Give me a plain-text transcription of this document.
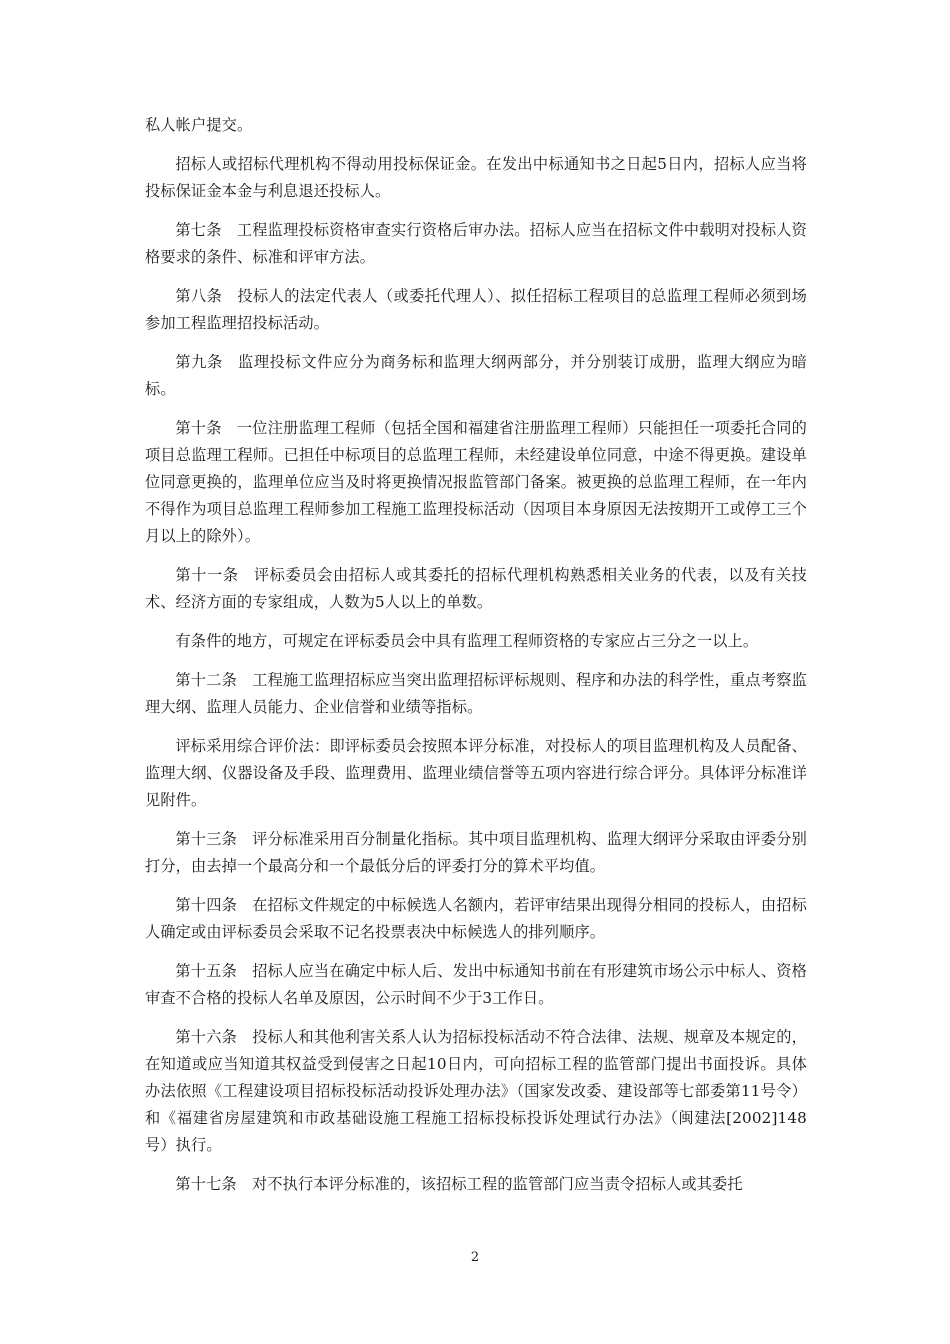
私人帐户提交。

招标人或招标代理机构不得动用投标保证金。在发出中标通知书之日起5日内，招标人应当将投标保证金本金与利息退还投标人。

第七条 工程监理投标资格审查实行资格后审办法。招标人应当在招标文件中载明对投标人资格要求的条件、标准和评审方法。

第八条 投标人的法定代表人（或委托代理人）、拟任招标工程项目的总监理工程师必须到场参加工程监理招投标活动。

第九条 监理投标文件应分为商务标和监理大纲两部分，并分别装订成册，监理大纲应为暗标。

第十条 一位注册监理工程师（包括全国和福建省注册监理工程师）只能担任一项委托合同的项目总监理工程师。已担任中标项目的总监理工程师，未经建设单位同意，中途不得更换。建设单位同意更换的，监理单位应当及时将更换情况报监管部门备案。被更换的总监理工程师，在一年内不得作为项目总监理工程师参加工程施工监理投标活动（因项目本身原因无法按期开工或停工三个月以上的除外）。

第十一条 评标委员会由招标人或其委托的招标代理机构熟悉相关业务的代表，以及有关技术、经济方面的专家组成，人数为5人以上的单数。

有条件的地方，可规定在评标委员会中具有监理工程师资格的专家应占三分之一以上。

第十二条 工程施工监理招标应当突出监理招标评标规则、程序和办法的科学性，重点考察监理大纲、监理人员能力、企业信誉和业绩等指标。

评标采用综合评价法：即评标委员会按照本评分标准，对投标人的项目监理机构及人员配备、监理大纲、仪器设备及手段、监理费用、监理业绩信誉等五项内容进行综合评分。具体评分标准详见附件。

第十三条 评分标准采用百分制量化指标。其中项目监理机构、监理大纲评分采取由评委分别打分，由去掉一个最高分和一个最低分后的评委打分的算术平均值。

第十四条 在招标文件规定的中标候选人名额内，若评审结果出现得分相同的投标人，由招标人确定或由评标委员会采取不记名投票表决中标候选人的排列顺序。

第十五条 招标人应当在确定中标人后、发出中标通知书前在有形建筑市场公示中标人、资格审查不合格的投标人名单及原因，公示时间不少于3工作日。

第十六条 投标人和其他利害关系人认为招标投标活动不符合法律、法规、规章及本规定的，在知道或应当知道其权益受到侵害之日起10日内，可向招标工程的监管部门提出书面投诉。具体办法依照《工程建设项目招标投标活动投诉处理办法》（国家发改委、建设部等七部委第11号令）和《福建省房屋建筑和市政基础设施工程施工招标投标投诉处理试行办法》（闽建法[2002]148号）执行。

第十七条 对不执行本评分标准的，该招标工程的监管部门应当责令招标人或其委托

2
